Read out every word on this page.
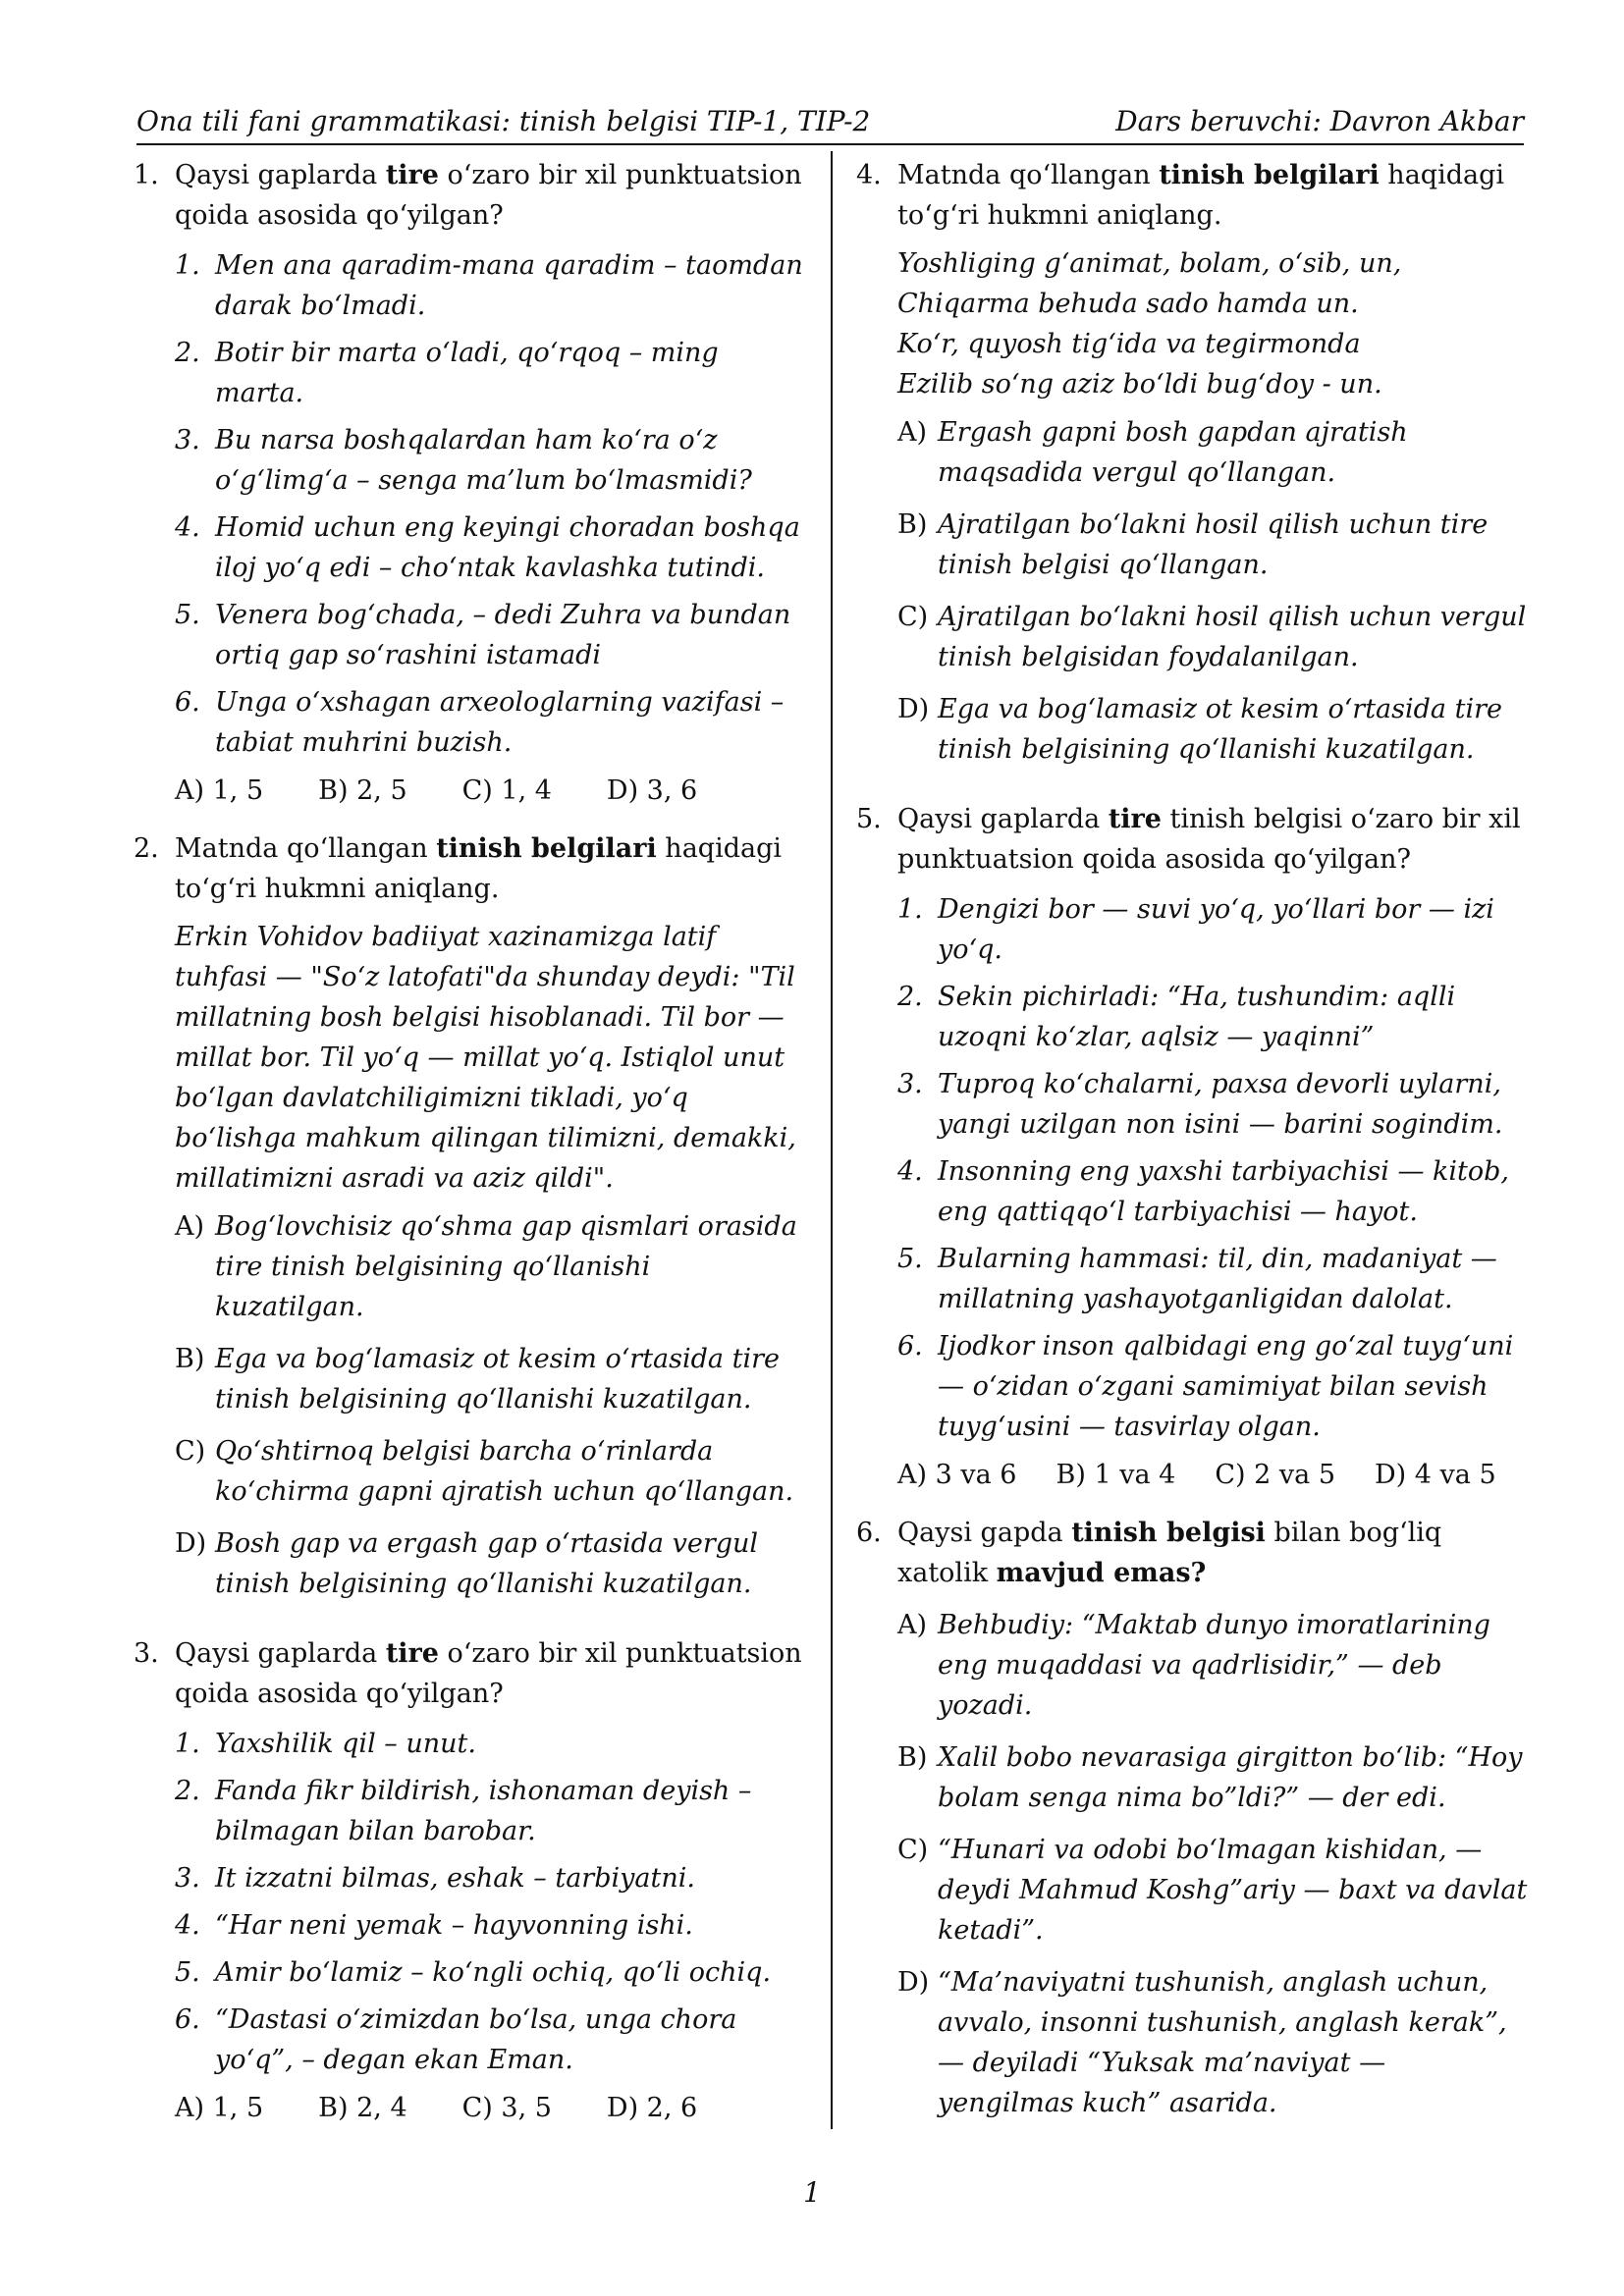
Ona tili fani grammatikasi: tinish belgisi TIP-1, TIP-2	Dars beruvchi: Davron Akbar
1. Qaysi gaplarda tire o‘zaro bir xil punktuatsion qoida asosida qo‘yilgan?
1. Men ana qaradim-mana qaradim – taomdan darak bo‘lmadi.
2. Botir bir marta o‘ladi, qo‘rqoq – ming marta.
3. Bu narsa boshqalardan ham ko‘ra o‘z o‘g‘limg‘a – senga ma’lum bo‘lmasmidi?
4. Homid uchun eng keyingi choradan boshqa iloj yo‘q edi – cho‘ntak kavlashka tutindi.
5. Venera bog‘chada, – dedi Zuhra va bundan ortiq gap so‘rashini istamadi
6. Unga o‘xshagan arxeologlarning vazifasi – tabiat muhrini buzish.
A) 1, 5 B) 2, 5 C) 1, 4 D) 3, 6
2. Matnda qo‘llangan tinish belgilari haqidagi to‘g‘ri hukmni aniqlang.
Erkin Vohidov badiiyat xazinamizga latif tuhfasi — "So‘z latofati"da shunday deydi: "Til millatning bosh belgisi hisoblanadi. Til bor — millat bor. Til yo‘q — millat yo‘q. Istiqlol unut bo‘lgan davlatchiligimizni tikladi, yo‘q bo‘lishga mahkum qilingan tilimizni, demakki, millatimizni asradi va aziz qildi".
A) Bog‘lovchisiz qo‘shma gap qismlari orasida tire tinish belgisining qo‘llanishi kuzatilgan.
B) Ega va bog‘lamasiz ot kesim o‘rtasida tire tinish belgisining qo‘llanishi kuzatilgan.
C) Qo‘shtirnoq belgisi barcha o‘rinlarda ko‘chirma gapni ajratish uchun qo‘llangan.
D) Bosh gap va ergash gap o‘rtasida vergul tinish belgisining qo‘llanishi kuzatilgan.
3. Qaysi gaplarda tire o‘zaro bir xil punktuatsion qoida asosida qo‘yilgan?
1. Yaxshilik qil – unut.
2. Fanda fikr bildirish, ishonaman deyish – bilmagan bilan barobar.
3. It izzatni bilmas, eshak – tarbiyatni.
4. “Har neni yemak – hayvonning ishi.
5. Amir bo‘lamiz – ko‘ngli ochiq, qo‘li ochiq.
6. “Dastasi o‘zimizdan bo‘lsa, unga chora yo‘q”, – degan ekan Eman.
A) 1, 5 B) 2, 4 C) 3, 5 D) 2, 6
4. Matnda qo‘llangan tinish belgilari haqidagi to‘g‘ri hukmni aniqlang.
Yoshliging g‘animat, bolam, o‘sib, un,
Chiqarma behuda sado hamda un.
Ko‘r, quyosh tig‘ida va tegirmonda
Ezilib so‘ng aziz bo‘ldi bug‘doy - un.
A) Ergash gapni bosh gapdan ajratish maqsadida vergul qo‘llangan.
B) Ajratilgan bo‘lakni hosil qilish uchun tire tinish belgisi qo‘llangan.
C) Ajratilgan bo‘lakni hosil qilish uchun vergul tinish belgisidan foydalanilgan.
D) Ega va bog‘lamasiz ot kesim o‘rtasida tire tinish belgisining qo‘llanishi kuzatilgan.
5. Qaysi gaplarda tire tinish belgisi o‘zaro bir xil punktuatsion qoida asosida qo‘yilgan?
1. Dengizi bor — suvi yo‘q, yo‘llari bor — izi yo‘q.
2. Sekin pichirladi: “Ha, tushundim: aqlli uzoqni ko‘zlar, aqlsiz — yaqinni”
3. Tuproq ko‘chalarni, paxsa devorli uylarni, yangi uzilgan non isini — barini sogindim.
4. Insonning eng yaxshi tarbiyachisi — kitob, eng qattiqqo‘l tarbiyachisi — hayot.
5. Bularning hammasi: til, din, madaniyat — millatning yashayotganligidan dalolat.
6. Ijodkor inson qalbidagi eng go‘zal tuyg‘uni — o‘zidan o‘zgani samimiyat bilan sevish tuyg‘usini — tasvirlay olgan.
A) 3 va 6 B) 1 va 4 C) 2 va 5 D) 4 va 5
6. Qaysi gapda tinish belgisi bilan bog‘liq xatolik mavjud emas?
A) Behbudiy: “Maktab dunyo imoratlarining eng muqaddasi va qadrlisidir,” — deb yozadi.
B) Xalil bobo nevarasiga girgitton bo‘lib: “Hoy bolam senga nima bo”ldi?” — der edi.
C) “Hunari va odobi bo‘lmagan kishidan, — deydi Mahmud Koshg”ariy — baxt va davlat ketadi”.
D) “Ma’naviyatni tushunish, anglash uchun, avvalo, insonni tushunish, anglash kerak”, — deyiladi “Yuksak ma’naviyat — yengilmas kuch” asarida.
1
